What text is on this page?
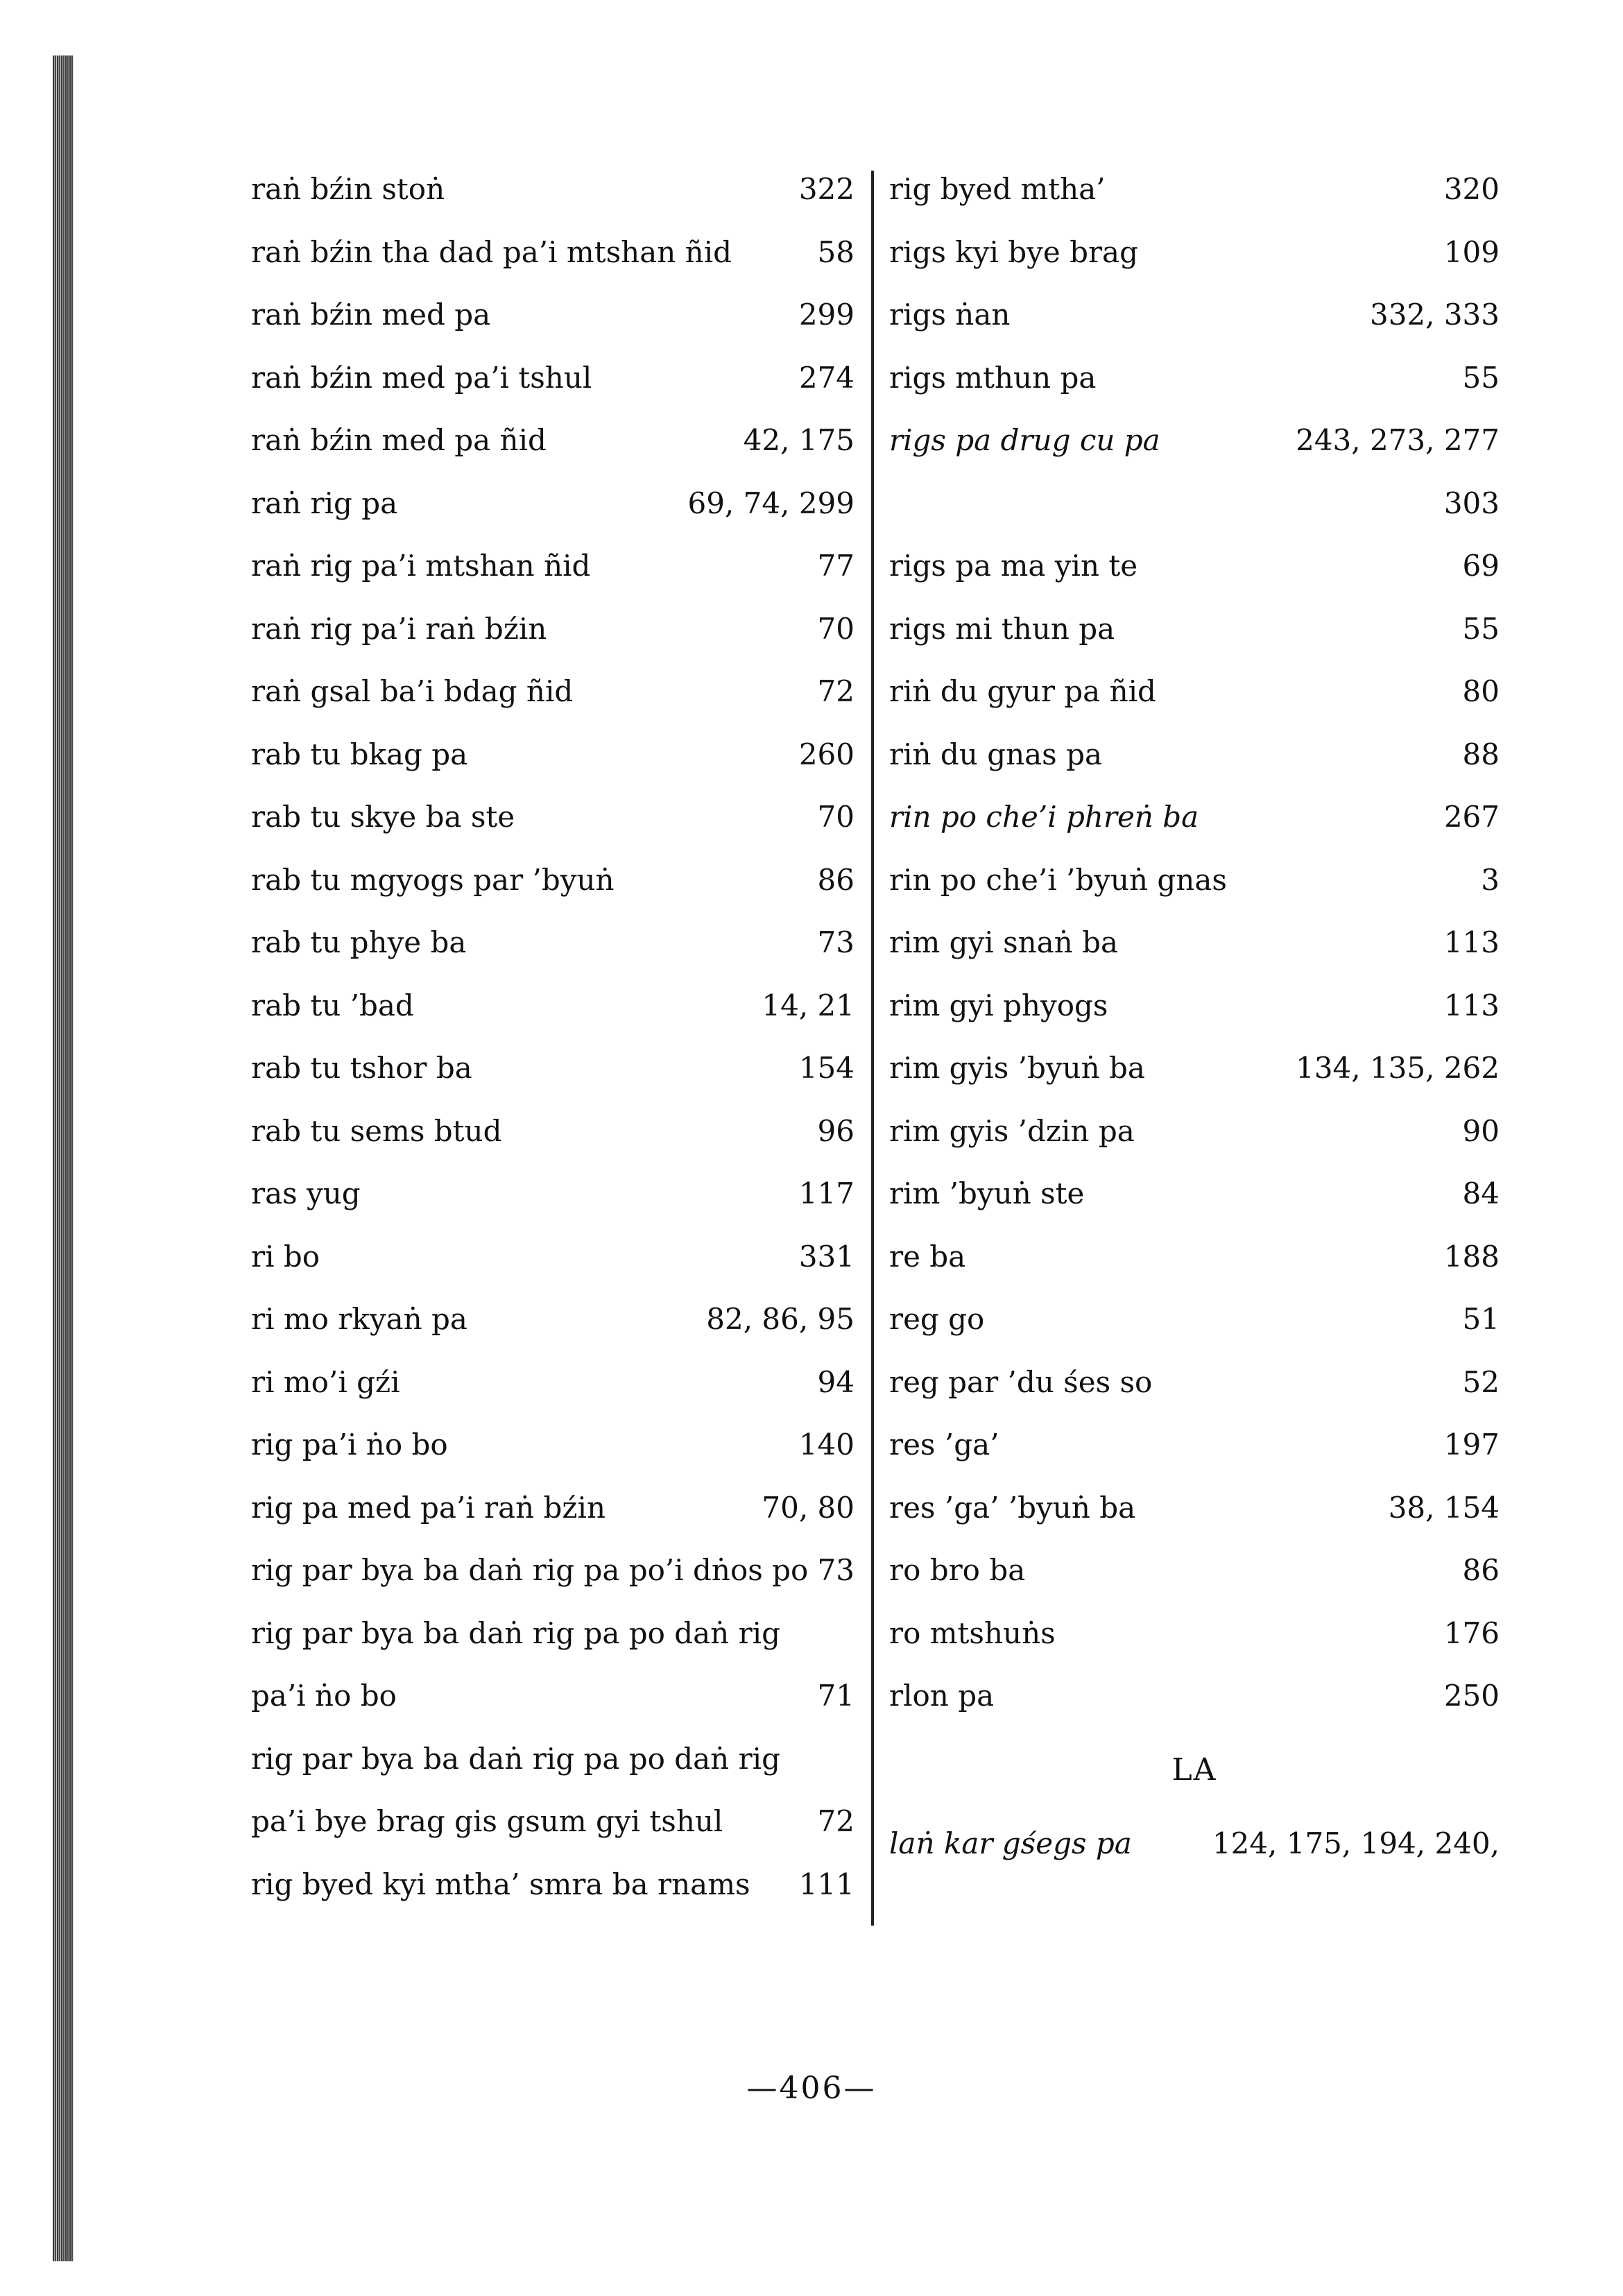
raṅ bźin stoṅ	322
raṅ bźin tha dad pa’i mtshan ñid	58
raṅ bźin med pa	299
raṅ bźin med pa’i tshul	274
raṅ bźin med pa ñid	42, 175
raṅ rig pa	69, 74, 299
raṅ rig pa’i mtshan ñid	77
raṅ rig pa’i raṅ bźin	70
raṅ gsal ba’i bdag ñid	72
rab tu bkag pa	260
rab tu skye ba ste	70
rab tu mgyogs par ’byuṅ	86
rab tu phye ba	73
rab tu ’bad	14, 21
rab tu tshor ba	154
rab tu sems btud	96
ras yug	117
ri bo	331
ri mo rkyaṅ pa	82, 86, 95
ri mo’i gźi	94
rig pa’i ṅo bo	140
rig pa med pa’i raṅ bźin	70, 80
rig par bya ba daṅ rig pa po’i dṅos po 73
rig par bya ba daṅ rig pa po daṅ rig
pa’i ṅo bo	71
rig par bya ba daṅ rig pa po daṅ rig
pa’i bye brag gis gsum gyi tshul	72
rig byed kyi mtha’ smra ba rnams 111
rig byed mtha’	320
rigs kyi bye brag	109
rigs ṅan	332, 333
rigs mthun pa	55
rigs pa drug cu pa	243, 273, 277
303
rigs pa ma yin te	69
rigs mi thun pa	55
riṅ du gyur pa ñid	80
riṅ du gnas pa	88
rin po che’i phreṅ ba	267
rin po che’i ’byuṅ gnas	3
rim gyi snaṅ ba	113
rim gyi phyogs	113
rim gyis ’byuṅ ba	134, 135, 262
rim gyis ’dzin pa	90
rim ’byuṅ ste	84
re ba	188
reg go	51
reg par ’du śes so	52
res ’ga’	197
res ’ga’ ’byuṅ ba	38, 154
ro bro ba	86
ro mtshuṅs	176
rlon pa	250
LA
laṅ kar gśegs pa	124, 175, 194, 240,
—406—
